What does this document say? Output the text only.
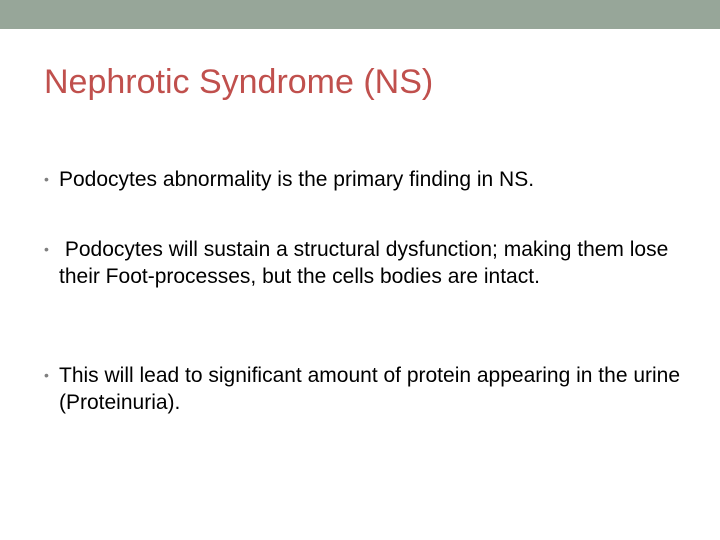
Nephrotic Syndrome (NS)
• Podocytes abnormality is the primary finding in NS.
• Podocytes will sustain a structural dysfunction; making them lose their Foot-processes, but the cells bodies are intact.
• This will lead to significant amount of protein appearing in the urine (Proteinuria).
